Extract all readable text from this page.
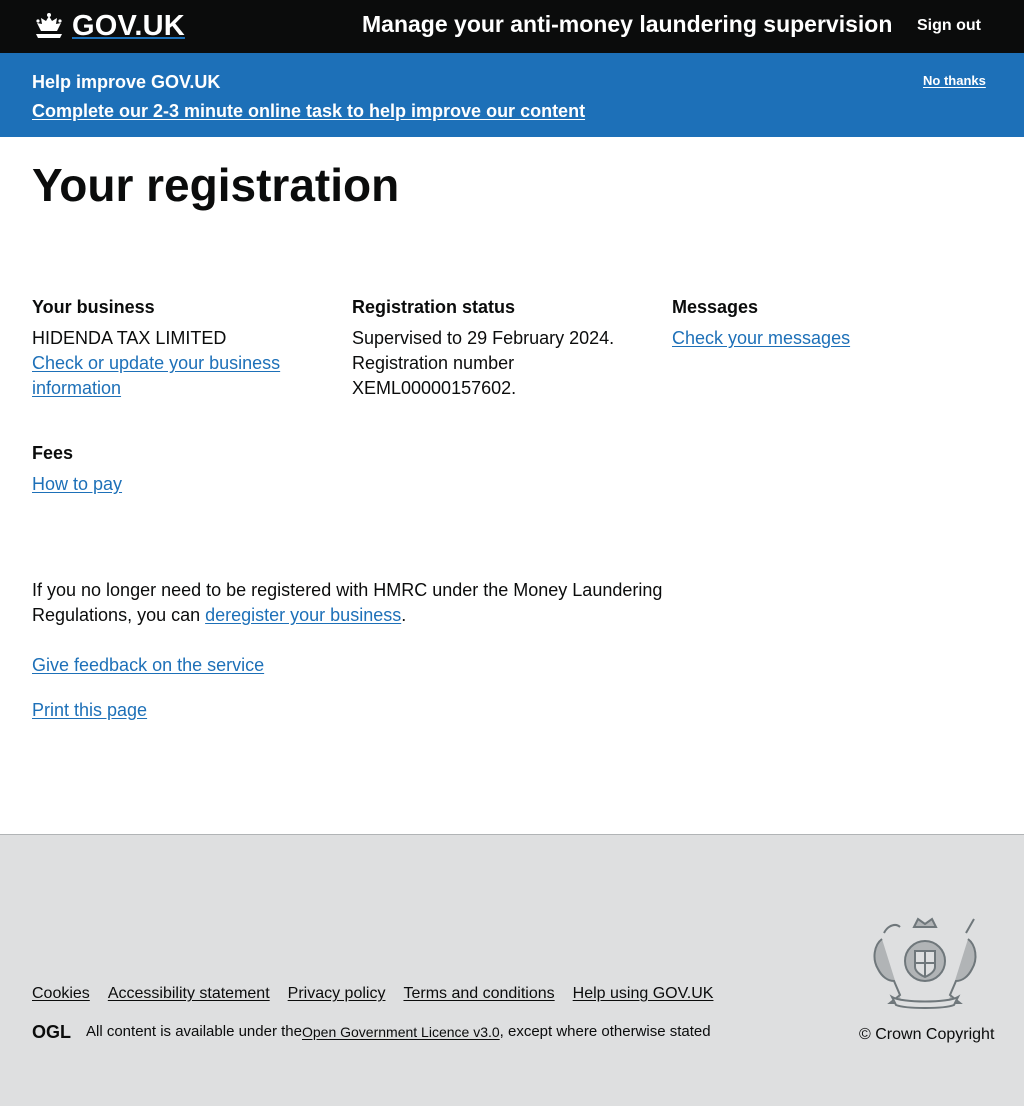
GOV.UK	Manage your anti-money laundering supervision Sign out
Help improve GOV.UK
Complete our 2-3 minute online task to help improve our content
No thanks
Your registration
Your business

HIDENDA TAX LIMITED

Check or update your business information
Registration status

Supervised to 29 February 2024.

Registration number

XEML00000157602.

Messages
Check your messages
Fees
How to pay

If you no longer need to be registered with HMRC under the Money Laundering Regulations, you can deregister your business.

Give feedback on the service
Print this page
Cookies Accessibility statement Privacy policy Terms and conditions Help using GOV.UK
OGL All content is available under the Open Government Licence v3.0 , except where otherwise stated	© Crown Copyright
